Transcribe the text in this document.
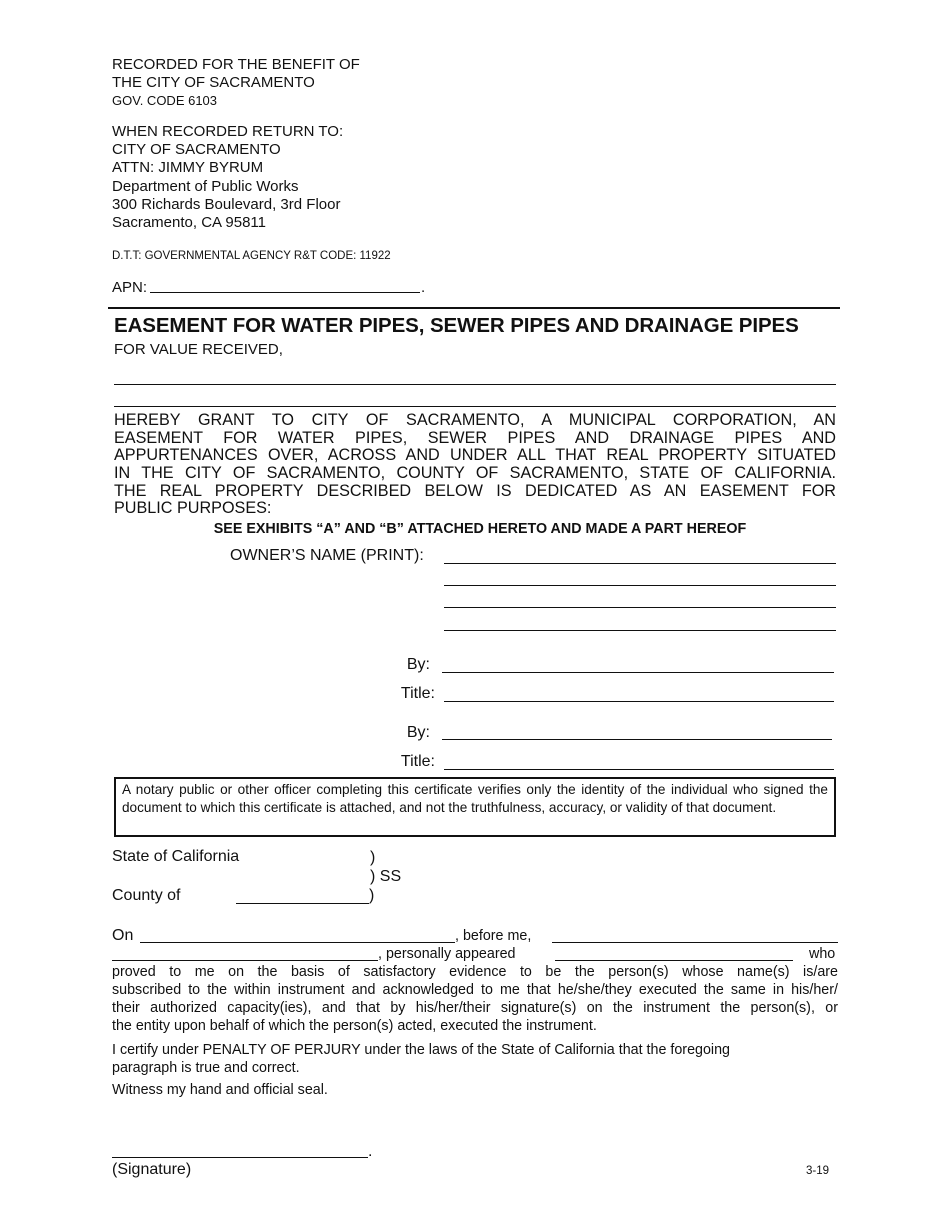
RECORDED FOR THE BENEFIT OF
THE CITY OF SACRAMENTO
GOV. CODE 6103
WHEN RECORDED RETURN TO:
CITY OF SACRAMENTO
ATTN: JIMMY BYRUM
Department of Public Works
300 Richards Boulevard, 3rd Floor
Sacramento, CA 95811
D.T.T: GOVERNMENTAL AGENCY R&T CODE: 11922
APN:	.
EASEMENT FOR WATER PIPES, SEWER PIPES AND DRAINAGE PIPES
FOR VALUE RECEIVED,
HEREBY GRANT TO CITY OF SACRAMENTO, A MUNICIPAL CORPORATION, AN
EASEMENT FOR WATER PIPES, SEWER PIPES AND DRAINAGE PIPES AND
APPURTENANCES OVER, ACROSS AND UNDER ALL THAT REAL PROPERTY SITUATED
IN THE CITY OF SACRAMENTO, COUNTY OF SACRAMENTO, STATE OF CALIFORNIA.
THE REAL PROPERTY DESCRIBED BELOW IS DEDICATED AS AN EASEMENT FOR
PUBLIC PURPOSES:
SEE EXHIBITS “A” AND “B” ATTACHED HERETO AND MADE A PART HEREOF
OWNER’S NAME (PRINT):
By:
Title:
By:
Title:
A notary public or other officer completing this certificate verifies only the identity of the individual who signed the document to which this certificate is attached, and not the truthfulness, accuracy, or validity of that document.
State of California	)
) SS
County of	)
On	, before me,
, personally appeared	who
proved to me on the basis of satisfactory evidence to be the person(s) whose name(s) is/are
subscribed to the within instrument and acknowledged to me that he/she/they executed the same in his/her/
their authorized capacity(ies), and that by his/her/their signature(s) on the instrument the person(s), or
the entity upon behalf of which the person(s) acted, executed the instrument.
I certify under PENALTY OF PERJURY under the laws of the State of California that the foregoing
paragraph is true and correct.
Witness my hand and official seal.
.
(Signature)	3-19
